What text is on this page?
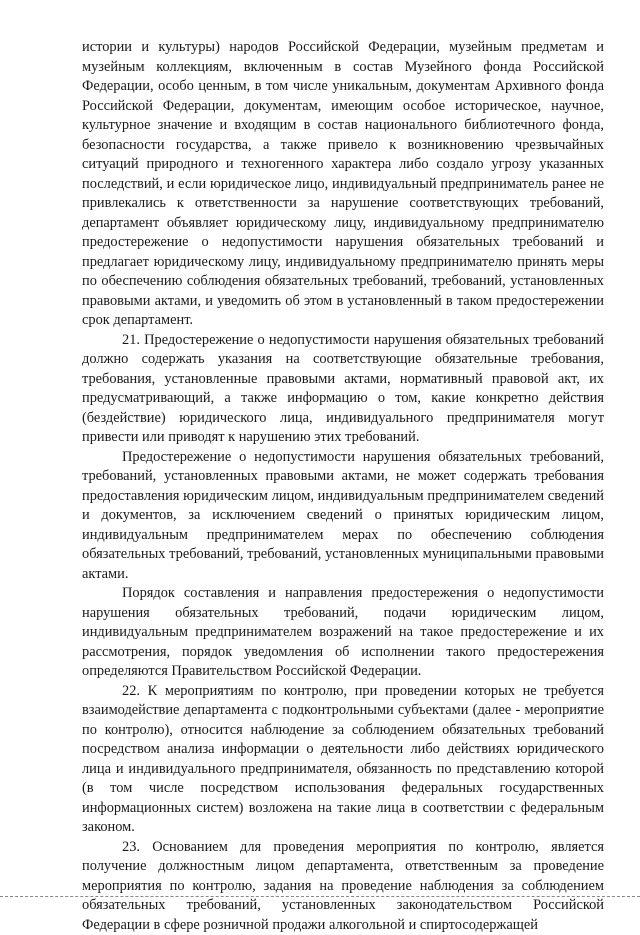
истории и культуры) народов Российской Федерации, музейным предметам и музейным коллекциям, включенным в состав Музейного фонда Российской Федерации, особо ценным, в том числе уникальным, документам Архивного фонда Российской Федерации, документам, имеющим особое историческое, научное, культурное значение и входящим в состав национального библиотечного фонда, безопасности государства, а также привело к возникновению чрезвычайных ситуаций природного и техногенного характера либо создало угрозу указанных последствий, и если юридическое лицо, индивидуальный предприниматель ранее не привлекались к ответственности за нарушение соответствующих требований, департамент объявляет юридическому лицу, индивидуальному предпринимателю предостережение о недопустимости нарушения обязательных требований и предлагает юридическому лицу, индивидуальному предпринимателю принять меры по обеспечению соблюдения обязательных требований, требований, установленных правовыми актами, и уведомить об этом в установленный в таком предостережении срок департамент.

21. Предостережение о недопустимости нарушения обязательных требований должно содержать указания на соответствующие обязательные требования, требования, установленные правовыми актами, нормативный правовой акт, их предусматривающий, а также информацию о том, какие конкретно действия (бездействие) юридического лица, индивидуального предпринимателя могут привести или приводят к нарушению этих требований.

Предостережение о недопустимости нарушения обязательных требований, требований, установленных правовыми актами, не может содержать требования предоставления юридическим лицом, индивидуальным предпринимателем сведений и документов, за исключением сведений о принятых юридическим лицом, индивидуальным предпринимателем мерах по обеспечению соблюдения обязательных требований, требований, установленных муниципальными правовыми актами.

Порядок составления и направления предостережения о недопустимости нарушения обязательных требований, подачи юридическим лицом, индивидуальным предпринимателем возражений на такое предостережение и их рассмотрения, порядок уведомления об исполнении такого предостережения определяются Правительством Российской Федерации.

22. К мероприятиям по контролю, при проведении которых не требуется взаимодействие департамента с подконтрольными субъектами (далее - мероприятие по контролю), относится наблюдение за соблюдением обязательных требований посредством анализа информации о деятельности либо действиях юридического лица и индивидуального предпринимателя, обязанность по представлению которой (в том числе посредством использования федеральных государственных информационных систем) возложена на такие лица в соответствии с федеральным законом.

23. Основанием для проведения мероприятия по контролю, является получение должностным лицом департамента, ответственным за проведение мероприятия по контролю, задания на проведение наблюдения за соблюдением обязательных требований, установленных законодательством Российской Федерации в сфере розничной продажи алкогольной и спиртосодержащей
